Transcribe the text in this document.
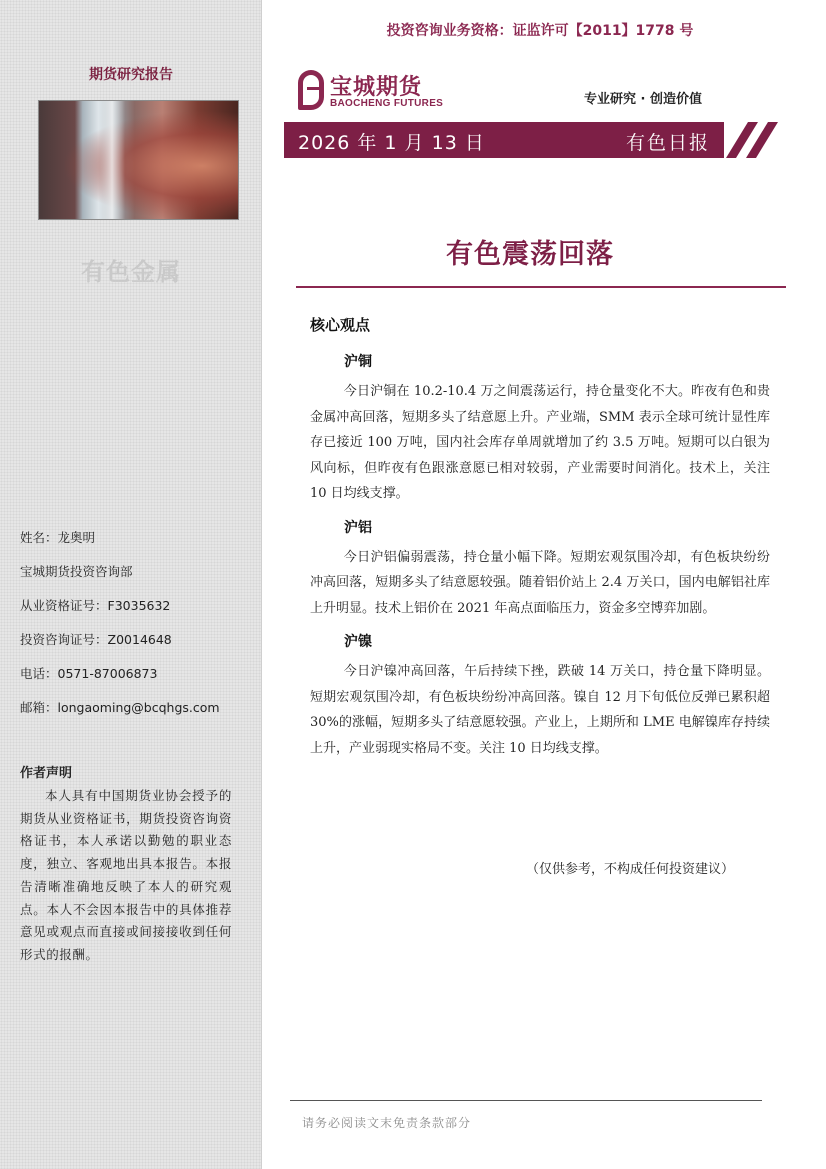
期货研究报告
有色金属
姓名：龙奥明
宝城期货投资咨询部
从业资格证号：F3035632
投资咨询证号：Z0014648
电话：0571-87006873
邮箱：longaoming@bcqhgs.com
作者声明
本人具有中国期货业协会授予的期货从业资格证书，期货投资咨询资格证书，本人承诺以勤勉的职业态度，独立、客观地出具本报告。本报告清晰准确地反映了本人的研究观点。本人不会因本报告中的具体推荐意见或观点而直接或间接接收到任何形式的报酬。
投资咨询业务资格：证监许可【2011】1778 号
宝城期货
BAOCHENG FUTURES	专业研究 · 创造价值
2026 年 1 月 13 日	有色日报
有色震荡回落
核心观点
沪铜
今日沪铜在 10.2-10.4 万之间震荡运行，持仓量变化不大。昨夜有色和贵金属冲高回落，短期多头了结意愿上升。产业端，SMM 表示全球可统计显性库存已接近 100 万吨，国内社会库存单周就增加了约 3.5 万吨。短期可以白银为风向标，但昨夜有色跟涨意愿已相对较弱，产业需要时间消化。技术上，关注 10 日均线支撑。
沪铝
今日沪铝偏弱震荡，持仓量小幅下降。短期宏观氛围冷却，有色板块纷纷冲高回落，短期多头了结意愿较强。随着铝价站上 2.4 万关口，国内电解铝社库上升明显。技术上铝价在 2021 年高点面临压力，资金多空博弈加剧。
沪镍
今日沪镍冲高回落，午后持续下挫，跌破 14 万关口，持仓量下降明显。短期宏观氛围冷却，有色板块纷纷冲高回落。镍自 12 月下旬低位反弹已累积超 30%的涨幅，短期多头了结意愿较强。产业上，上期所和 LME 电解镍库存持续上升，产业弱现实格局不变。关注 10 日均线支撑。
（仅供参考，不构成任何投资建议）
请务必阅读文末免责条款部分
